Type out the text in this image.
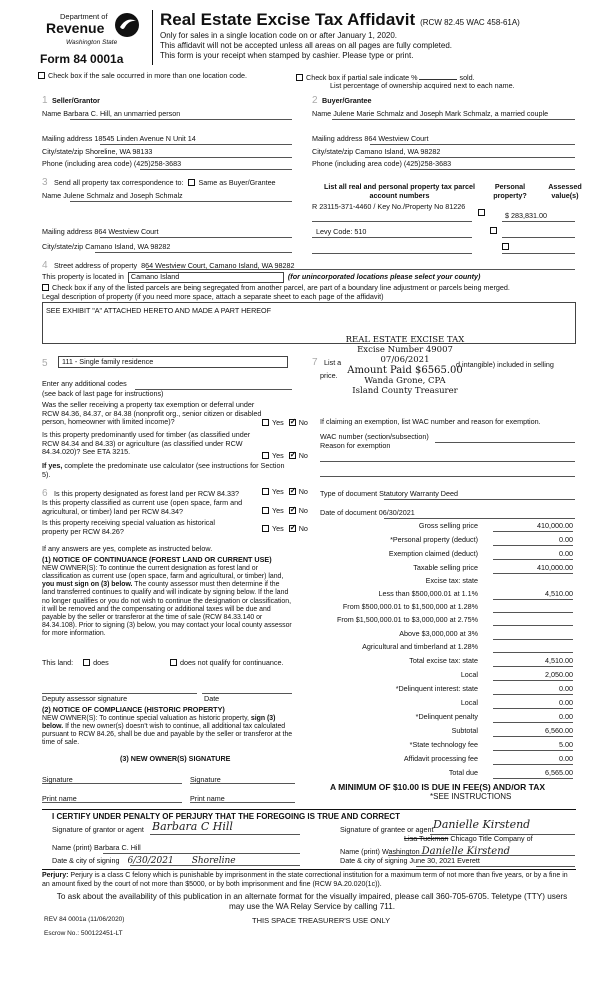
Department of
Revenue
Washington State
Form 84 0001a
Real Estate Excise Tax Affidavit (RCW 82.45 WAC 458-61A)
Only for sales in a single location code on or after January 1, 2020.
This affidavit will not be accepted unless all areas on all pages are fully completed.
This form is your receipt when stamped by cashier. Please type or print.
Check box if the sale occurred in more than one location code.	Check box if partial sale indicate %	sold.
List percentage of ownership acquired next to each name.
1 Seller/Grantor
Name Barbara C. Hill, an unmarried person
Mailing address 18545 Linden Avenue N Unit 14
City/state/zip Shoreline, WA 98133
Phone (including area code) (425)258-3683
2 Buyer/Grantee
Name Julene Marie Schmalz and Joseph Mark Schmalz, a married couple
Mailing address 864 Westview Court
City/state/zip Camano Island, WA 98282
Phone (including area code) (425)258-3683
3 Send all property tax correspondence to: Same as Buyer/Grantee
Name Julene Schmalz and Joseph Schmalz
Mailing address 864 Westview Court
City/state/zip Camano Island, WA 98282
List all real and personal property tax parcel account numbers
Personal property?
Assessed value(s)
R 23115-371-4460 / Key No./Property No 81226

$ 283,831.00
Levy Code: 510

4 Street address of property 864 Westview Court, Camano Island, WA 98282
This property is located in Camano Island	(for unincorporated locations please select your county)
Check box if any of the listed parcels are being segregated from another parcel, are part of a boundary line adjustment or parcels being merged.
Legal description of property (if you need more space, attach a separate sheet to each page of the affidavit)
SEE EXHIBIT "A" ATTACHED HERETO AND MADE A PART HEREOF
REAL ESTATE EXCISE TAX
Excise Number 49007
07/06/2021
Amount Paid $6565.00
Wanda Grone, CPA
Island County Treasurer
5	111 - Single family residence
Enter any additional codes
(see back of last page for instructions)
Was the seller receiving a property tax exemption or deferral under RCW 84.36, 84.37, or 84.38 (nonprofit org., senior citizen or disabled person, homeowner with limited income)?	Yes ✓ No
Is this property predominantly used for timber (as classified under RCW 84.34 and 84.33) or agriculture (as classified under RCW 84.34.020)? See ETA 3215.	Yes ✓ No
If yes, complete the predominate use calculator (see instructions for Section 5).
7 List a	d intangible) included in selling
price.
If claiming an exemption, list WAC number and reason for exemption.
WAC number (section/subsection)
Reason for exemption
6 Is this property designated as forest land per RCW 84.33?	Yes ✓ No
Is this property classified as current use (open space, farm and agricultural, or timber) land per RCW 84.34?	Yes ✓ No
Is this property receiving special valuation as historical property per RCW 84.26?	Yes ✓ No
If any answers are yes, complete as instructed below.
(1) NOTICE OF CONTINUANCE (FOREST LAND OR CURRENT USE)
NEW OWNER(S): To continue the current designation as forest land or classification as current use (open space, farm and agricultural, or timber) land, you must sign on (3) below. The county assessor must then determine if the land transferred continues to qualify and will indicate by signing below. If the land no longer qualifies or you do not wish to continue the designation or classification, it will be removed and the compensating or additional taxes will be due and payable by the seller or transferor at the time of sale (RCW 84.33.140 or 84.34.108). Prior to signing (3) below, you may contact your local county assessor for more information.
This land:	does	does not qualify for continuance.
Deputy assessor signature	Date
(2) NOTICE OF COMPLIANCE (HISTORIC PROPERTY)
NEW OWNER(S): To continue special valuation as historic property, sign (3) below. If the new owner(s) doesn't wish to continue, all additional tax calculated pursuant to RCW 84.26, shall be due and payable by the seller or transferor at the time of sale.
(3) NEW OWNER(S) SIGNATURE
Signature	Signature
Print name	Print name
Type of document Statutory Warranty Deed
Date of document 06/30/2021
Gross selling price	410,000.00
*Personal property (deduct)	0.00
Exemption claimed (deduct)	0.00
Taxable selling price	410,000.00
Excise tax: state
Less than $500,000.01 at 1.1%	4,510.00
From $500,000.01 to $1,500,000 at 1.28%
From $1,500,000.01 to $3,000,000 at 2.75%
Above $3,000,000 at 3%
Agricultural and timberland at 1.28%
Total excise tax: state	4,510.00
Local	2,050.00
*Delinquent interest: state	0.00
Local	0.00
*Delinquent penalty	0.00
Subtotal	6,560.00
*State technology fee	5.00
Affidavit processing fee	0.00
Total due	6,565.00
A MINIMUM OF $10.00 IS DUE IN FEE(S) AND/OR TAX
*SEE INSTRUCTIONS
I CERTIFY UNDER PENALTY OF PERJURY THAT THE FOREGOING IS TRUE AND CORRECT
Signature of grantor or agent Barbara C Hill	Signature of grantee or agent Danielle Kirstend
Name (print) Barbara C. Hill
Lisa Tuckman Chicago Title Company of
Name (print) Washington Danielle Kirstend
Date & city of signing 6/30/2021 Shoreline	Date & city of signing June 30, 2021 Everett
Perjury: Perjury is a class C felony which is punishable by imprisonment in the state correctional institution for a maximum term of not more than five years, or by a fine in an amount fixed by the court of not more than $5000, or by both imprisonment and fine (RCW 9A.20.020(1c)).
To ask about the availability of this publication in an alternate format for the visually impaired, please call 360-705-6705. Teletype (TTY) users may use the WA Relay Service by calling 711.
REV 84 0001a (11/06/2020)	THIS SPACE TREASURER'S USE ONLY
Escrow No.: 500122451-LT
